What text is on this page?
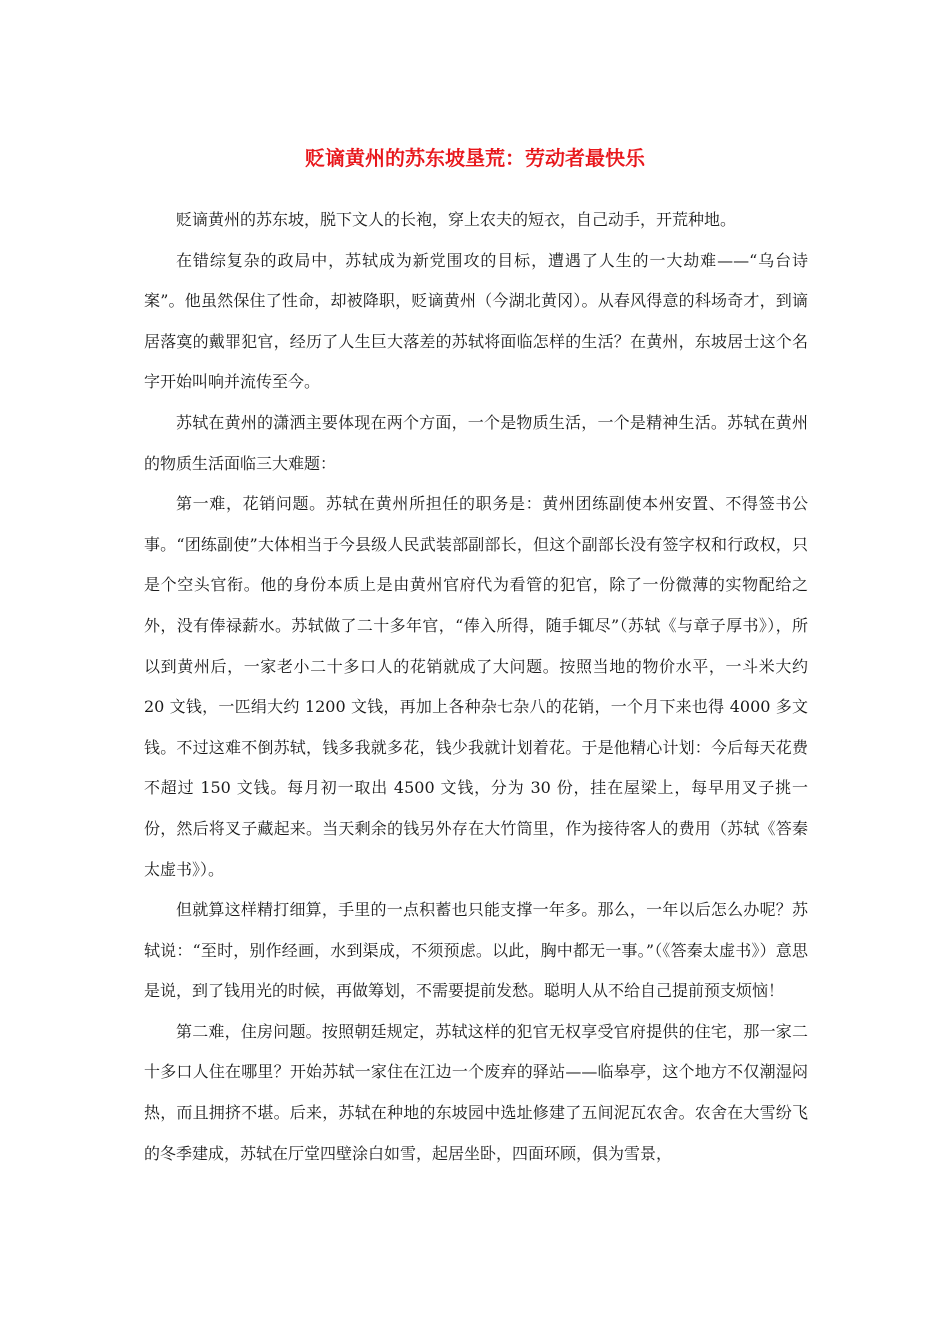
贬谪黄州的苏东坡垦荒：劳动者最快乐

贬谪黄州的苏东坡，脱下文人的长袍，穿上农夫的短衣，自己动手，开荒种地。

在错综复杂的政局中，苏轼成为新党围攻的目标，遭遇了人生的一大劫难——“乌台诗案”。他虽然保住了性命，却被降职，贬谪黄州（今湖北黄冈）。从春风得意的科场奇才，到谪居落寞的戴罪犯官，经历了人生巨大落差的苏轼将面临怎样的生活？在黄州，东坡居士这个名字开始叫响并流传至今。

苏轼在黄州的潇洒主要体现在两个方面，一个是物质生活，一个是精神生活。苏轼在黄州的物质生活面临三大难题：

第一难，花销问题。苏轼在黄州所担任的职务是：黄州团练副使本州安置、不得签书公事。“团练副使”大体相当于今县级人民武装部副部长，但这个副部长没有签字权和行政权，只是个空头官衔。他的身份本质上是由黄州官府代为看管的犯官，除了一份微薄的实物配给之外，没有俸禄薪水。苏轼做了二十多年官，“俸入所得，随手辄尽”（苏轼《与章子厚书》），所以到黄州后，一家老小二十多口人的花销就成了大问题。按照当地的物价水平，一斗米大约 20 文钱，一匹绢大约 1200 文钱，再加上各种杂七杂八的花销，一个月下来也得 4000 多文钱。不过这难不倒苏轼，钱多我就多花，钱少我就计划着花。于是他精心计划：今后每天花费不超过 150 文钱。每月初一取出 4500 文钱，分为 30 份，挂在屋梁上，每早用叉子挑一份，然后将叉子藏起来。当天剩余的钱另外存在大竹筒里，作为接待客人的费用（苏轼《答秦太虚书》）。

但就算这样精打细算，手里的一点积蓄也只能支撑一年多。那么，一年以后怎么办呢？苏轼说：“至时，别作经画，水到渠成，不须预虑。以此，胸中都无一事。”（《答秦太虚书》）意思是说，到了钱用光的时候，再做筹划，不需要提前发愁。聪明人从不给自己提前预支烦恼！

第二难，住房问题。按照朝廷规定，苏轼这样的犯官无权享受官府提供的住宅，那一家二十多口人住在哪里？开始苏轼一家住在江边一个废弃的驿站——临皋亭，这个地方不仅潮湿闷热，而且拥挤不堪。后来，苏轼在种地的东坡园中选址修建了五间泥瓦农舍。农舍在大雪纷飞的冬季建成，苏轼在厅堂四壁涂白如雪，起居坐卧，四面环顾，俱为雪景，
